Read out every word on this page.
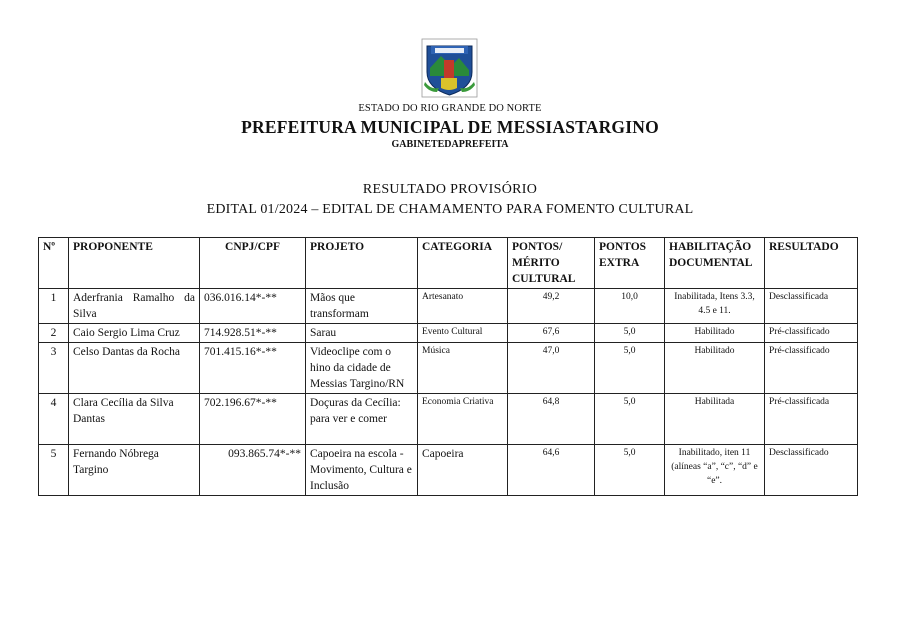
ESTADO DO RIO GRANDE DO NORTE
PREFEITURA MUNICIPAL DE MESSIASTARGINO
GABINETEDAPREFEITA
RESULTADO PROVISÓRIO
EDITAL 01/2024 – EDITAL DE CHAMAMENTO PARA FOMENTO CULTURAL
Nº	PROPONENTE	CNPJ/CPF	PROJETO	CATEGORIA	PONTOS/ MÉRITO CULTURAL	PONTOS EXTRA	HABILITAÇÃO DOCUMENTAL	RESULTADO
1	Aderfrania Ramalho da Silva	036.016.14*-**	Mãos que transformam	Artesanato	49,2	10,0	Inabilitada, Itens 3.3, 4.5 e 11.	Desclassificada
2	Caio Sergio Lima Cruz	714.928.51*-**	Sarau	Evento Cultural	67,6	5,0	Habilitado	Pré-classificado
3	Celso Dantas da Rocha	701.415.16*-**	Videoclipe com o hino da cidade de Messias Targino/RN	Música	47,0	5,0	Habilitado	Pré-classificado
4	Clara Cecília da Silva Dantas	702.196.67*-**	Doçuras da Cecília: para ver e comer	Economia Criativa	64,8	5,0	Habilitada	Pré-classificada
5	Fernando Nóbrega Targino	093.865.74*-**	Capoeira na escola - Movimento, Cultura e Inclusão	Capoeira	64,6	5,0	Inabilitado, iten 11 (alíneas “a”, “c”, “d” e “e”.	Desclassificado
